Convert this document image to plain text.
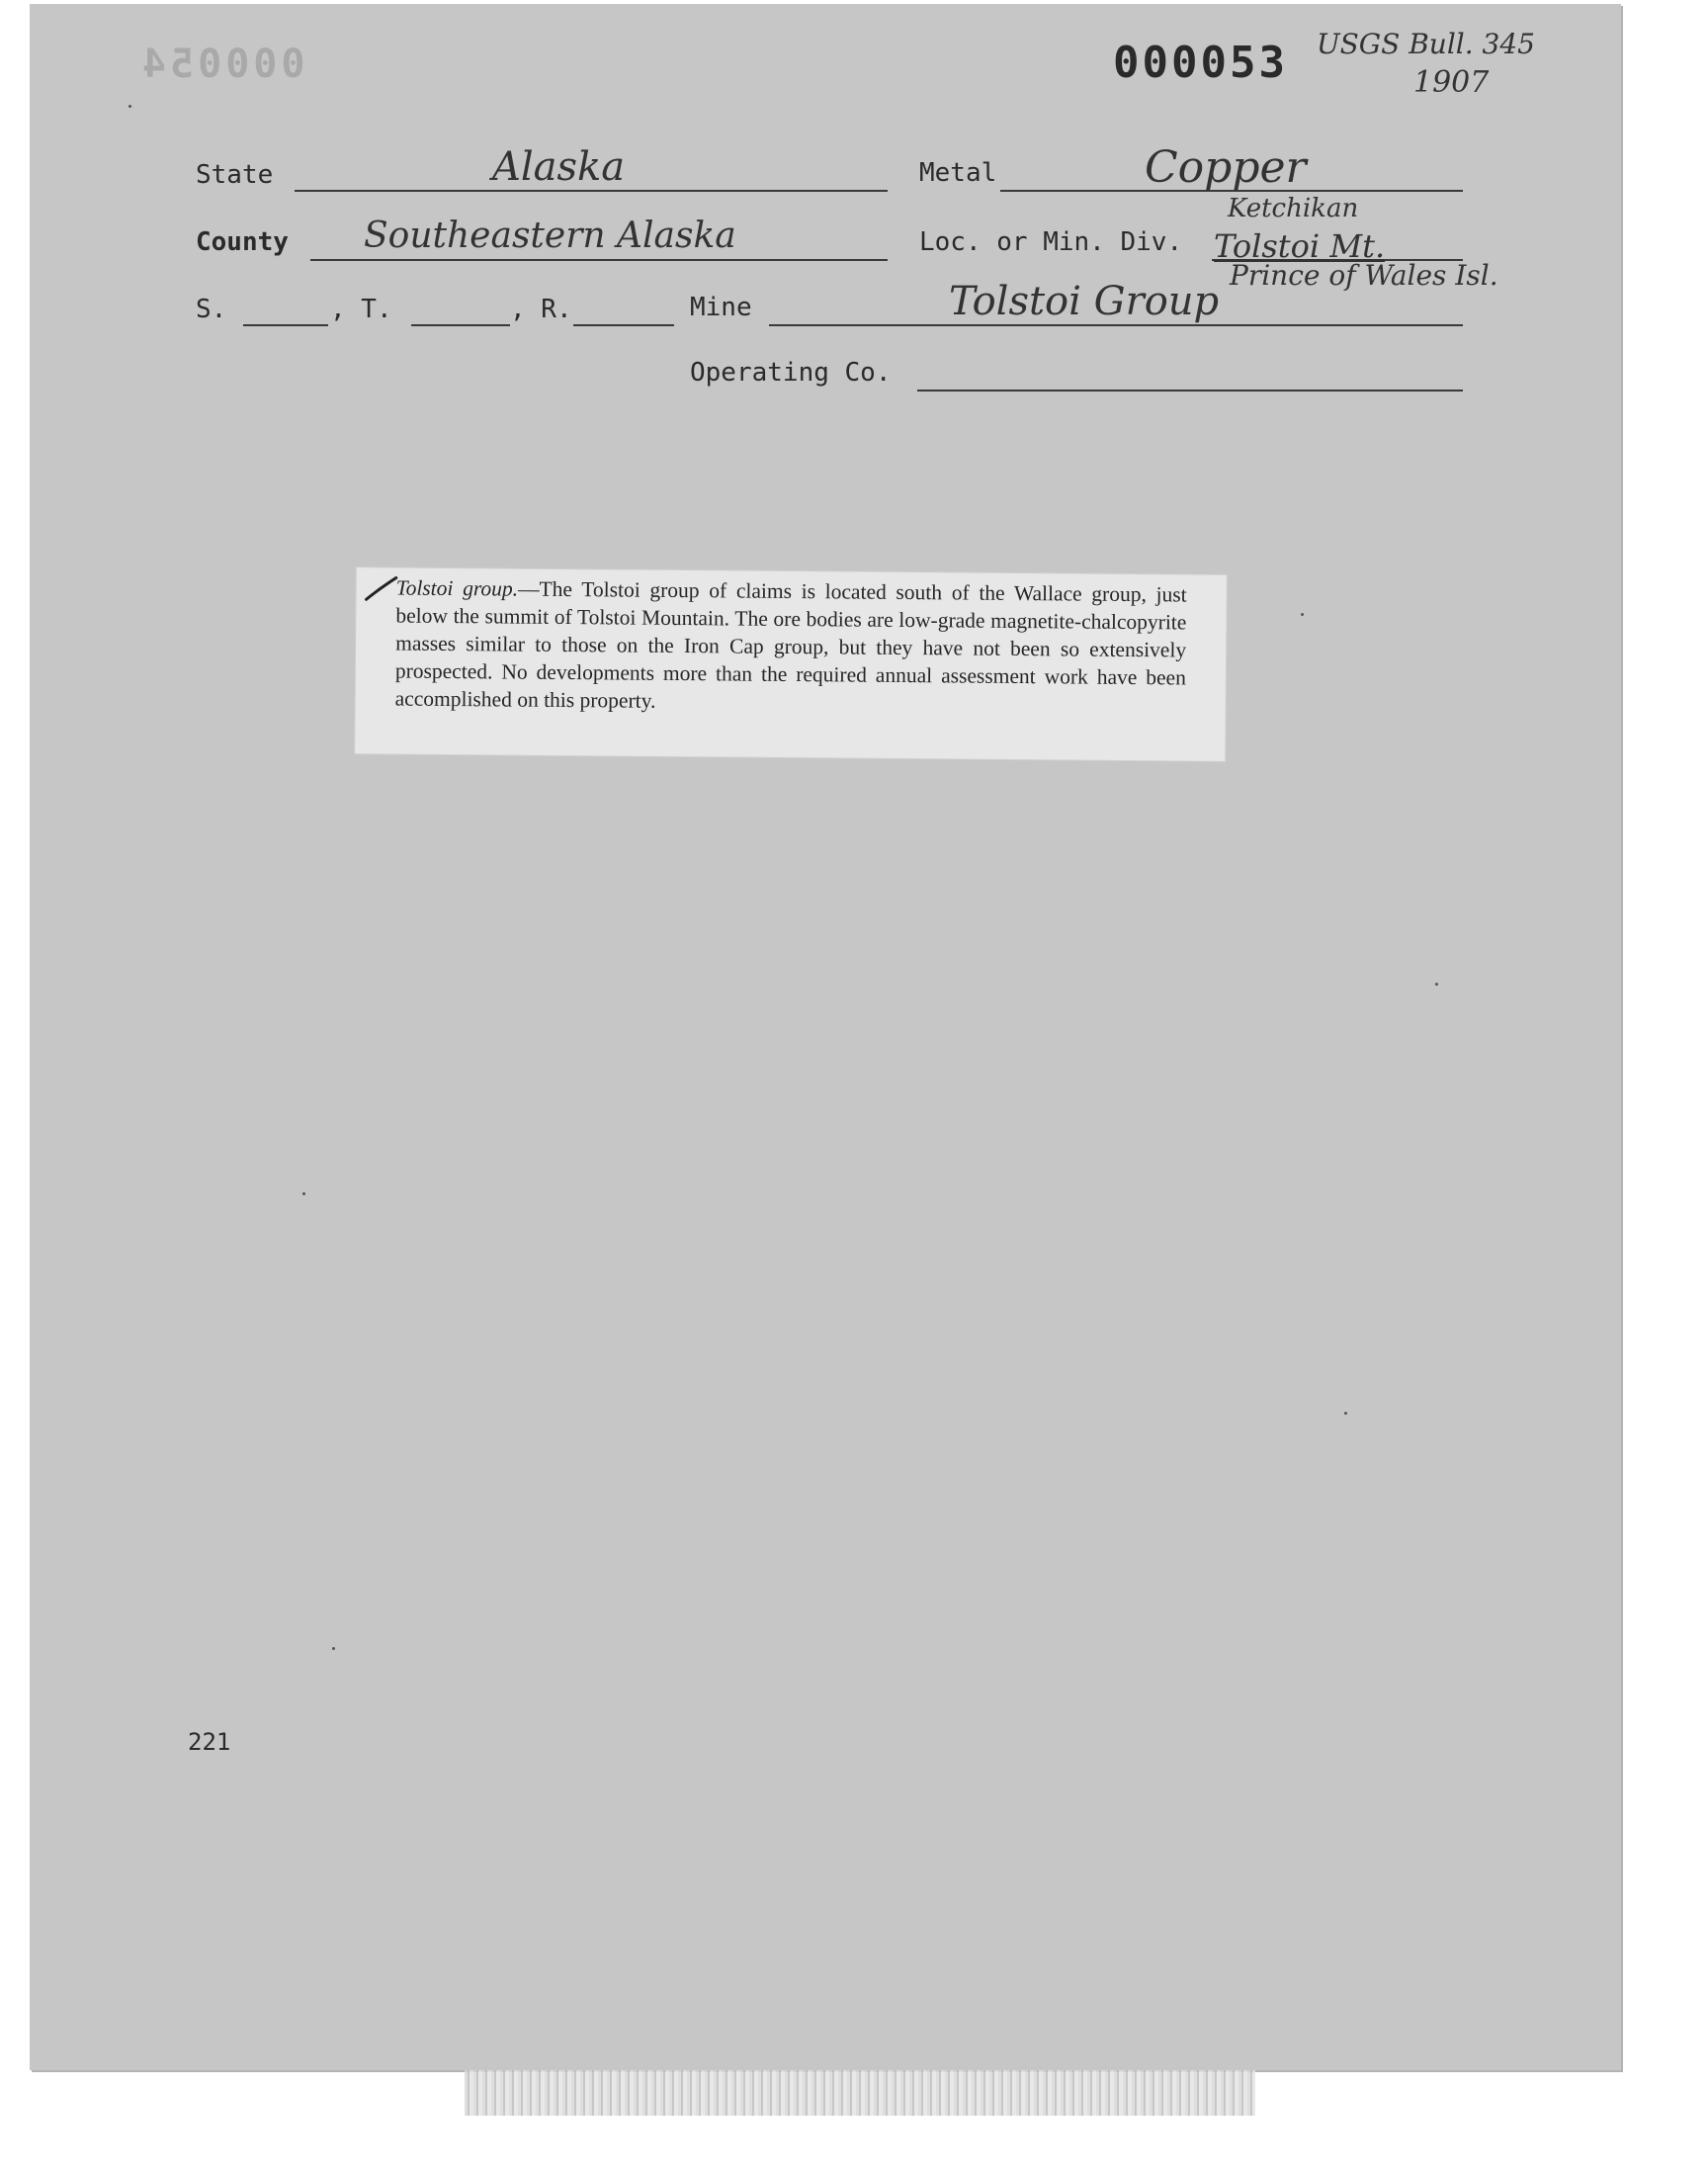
000054	000053 USGS Bull. 345
1907
State	Alaska	Metal	Copper
County Southeastern Alaska	Loc. or Min. Div.
Ketchikan
Tolstoi Mt.
Prince of Wales Isl.
S.	, T.	, R.	Mine	Tolstoi Group
Operating Co.
Tolstoi group.—The Tolstoi group of claims is located south of the Wallace group, just below the summit of Tolstoi Mountain. The ore bodies are low-grade magnetite-chalcopyrite masses similar to those on the Iron Cap group, but they have not been so extensively prospected. No developments more than the required annual assessment work have been accomplished on this property.
221
